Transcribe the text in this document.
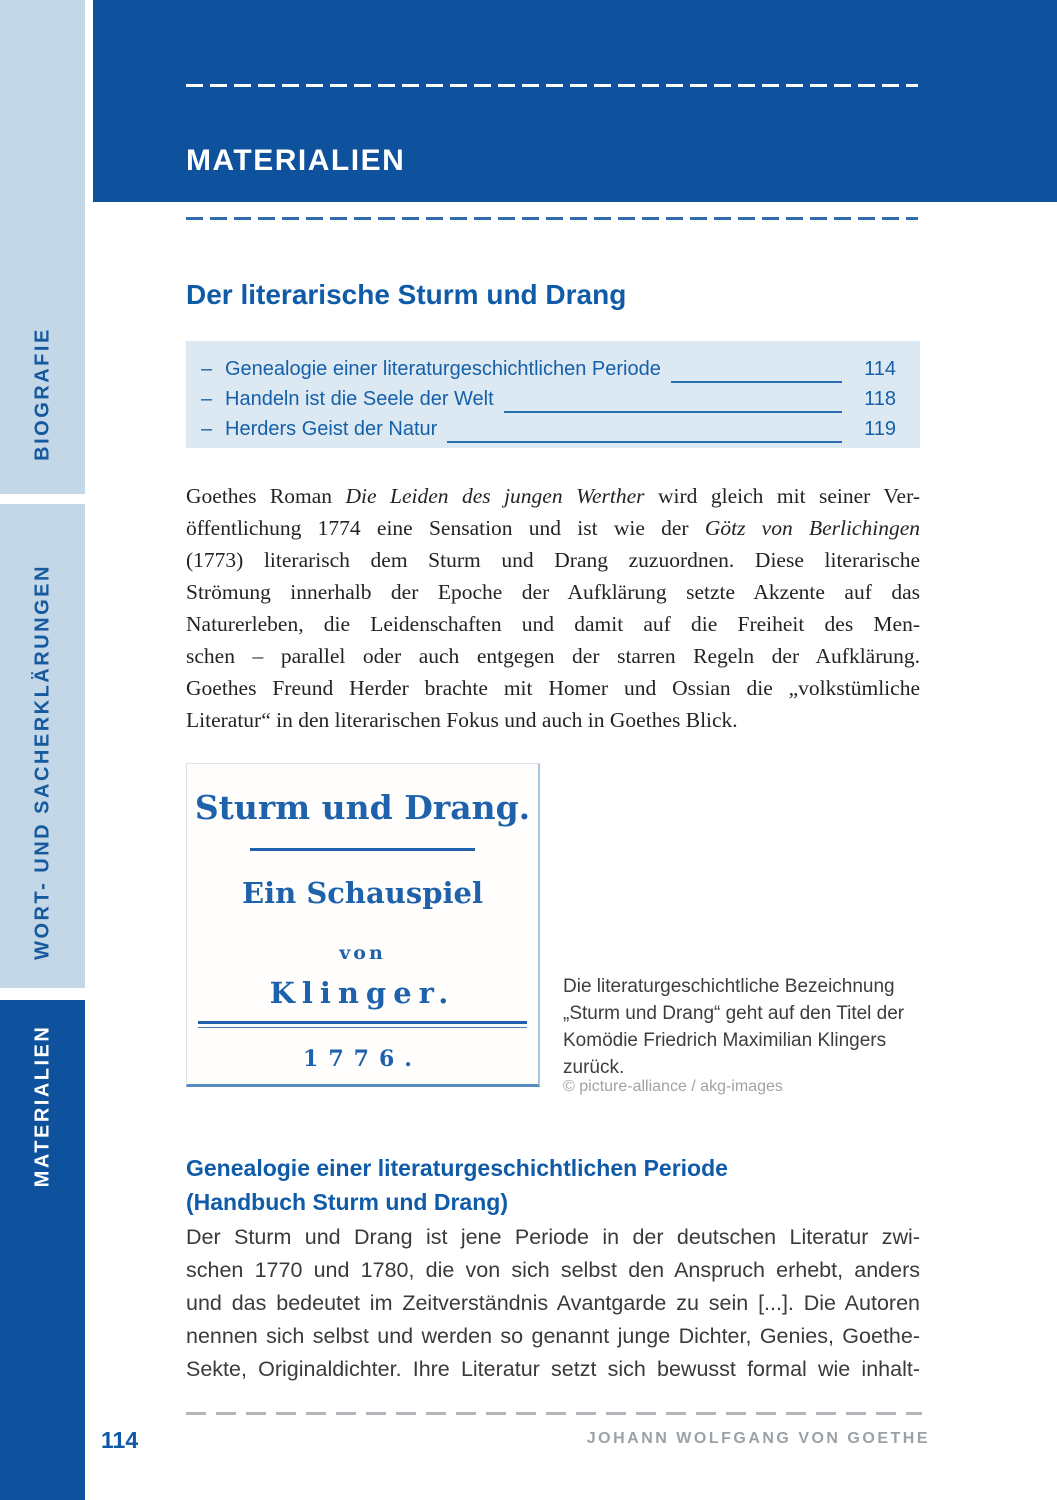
BIOGRAFIE
WORT- UND SACHERKLÄRUNGEN
MATERIALIEN
MATERIALIEN
Der literarische Sturm und Drang
– Genealogie einer literaturgeschichtlichen Periode	114
– Handeln ist die Seele der Welt	118
– Herders Geist der Natur	119
Goethes Roman Die Leiden des jungen Werther wird gleich mit seiner Ver-
öffentlichung 1774 eine Sensation und ist wie der Götz von Berlichingen
(1773) literarisch dem Sturm und Drang zuzuordnen. Diese literarische
Strömung innerhalb der Epoche der Aufklärung setzte Akzente auf das
Naturerleben, die Leidenschaften und damit auf die Freiheit des Men-
schen – parallel oder auch entgegen der starren Regeln der Aufklärung.
Goethes Freund Herder brachte mit Homer und Ossian die „volkstümliche
Literatur“ in den literarischen Fokus und auch in Goethes Blick.
Sturm und Drang.
Ein Schauspiel
von
Klinger.
1776.
Die literaturgeschichtliche Bezeichnung „Sturm und Drang“ geht auf den Titel der Komödie Friedrich Maximilian Klingers zurück.
© picture-alliance / akg-images
Genealogie einer literaturgeschichtlichen Periode
(Handbuch Sturm und Drang)
Der Sturm und Drang ist jene Periode in der deutschen Literatur zwi-
schen 1770 und 1780, die von sich selbst den Anspruch erhebt, anders
und das bedeutet im Zeitverständnis Avantgarde zu sein [...]. Die Autoren
nennen sich selbst und werden so genannt junge Dichter, Genies, Goethe-
Sekte, Originaldichter. Ihre Literatur setzt sich bewusst formal wie inhalt-
114	JOHANN WOLFGANG VON GOETHE
